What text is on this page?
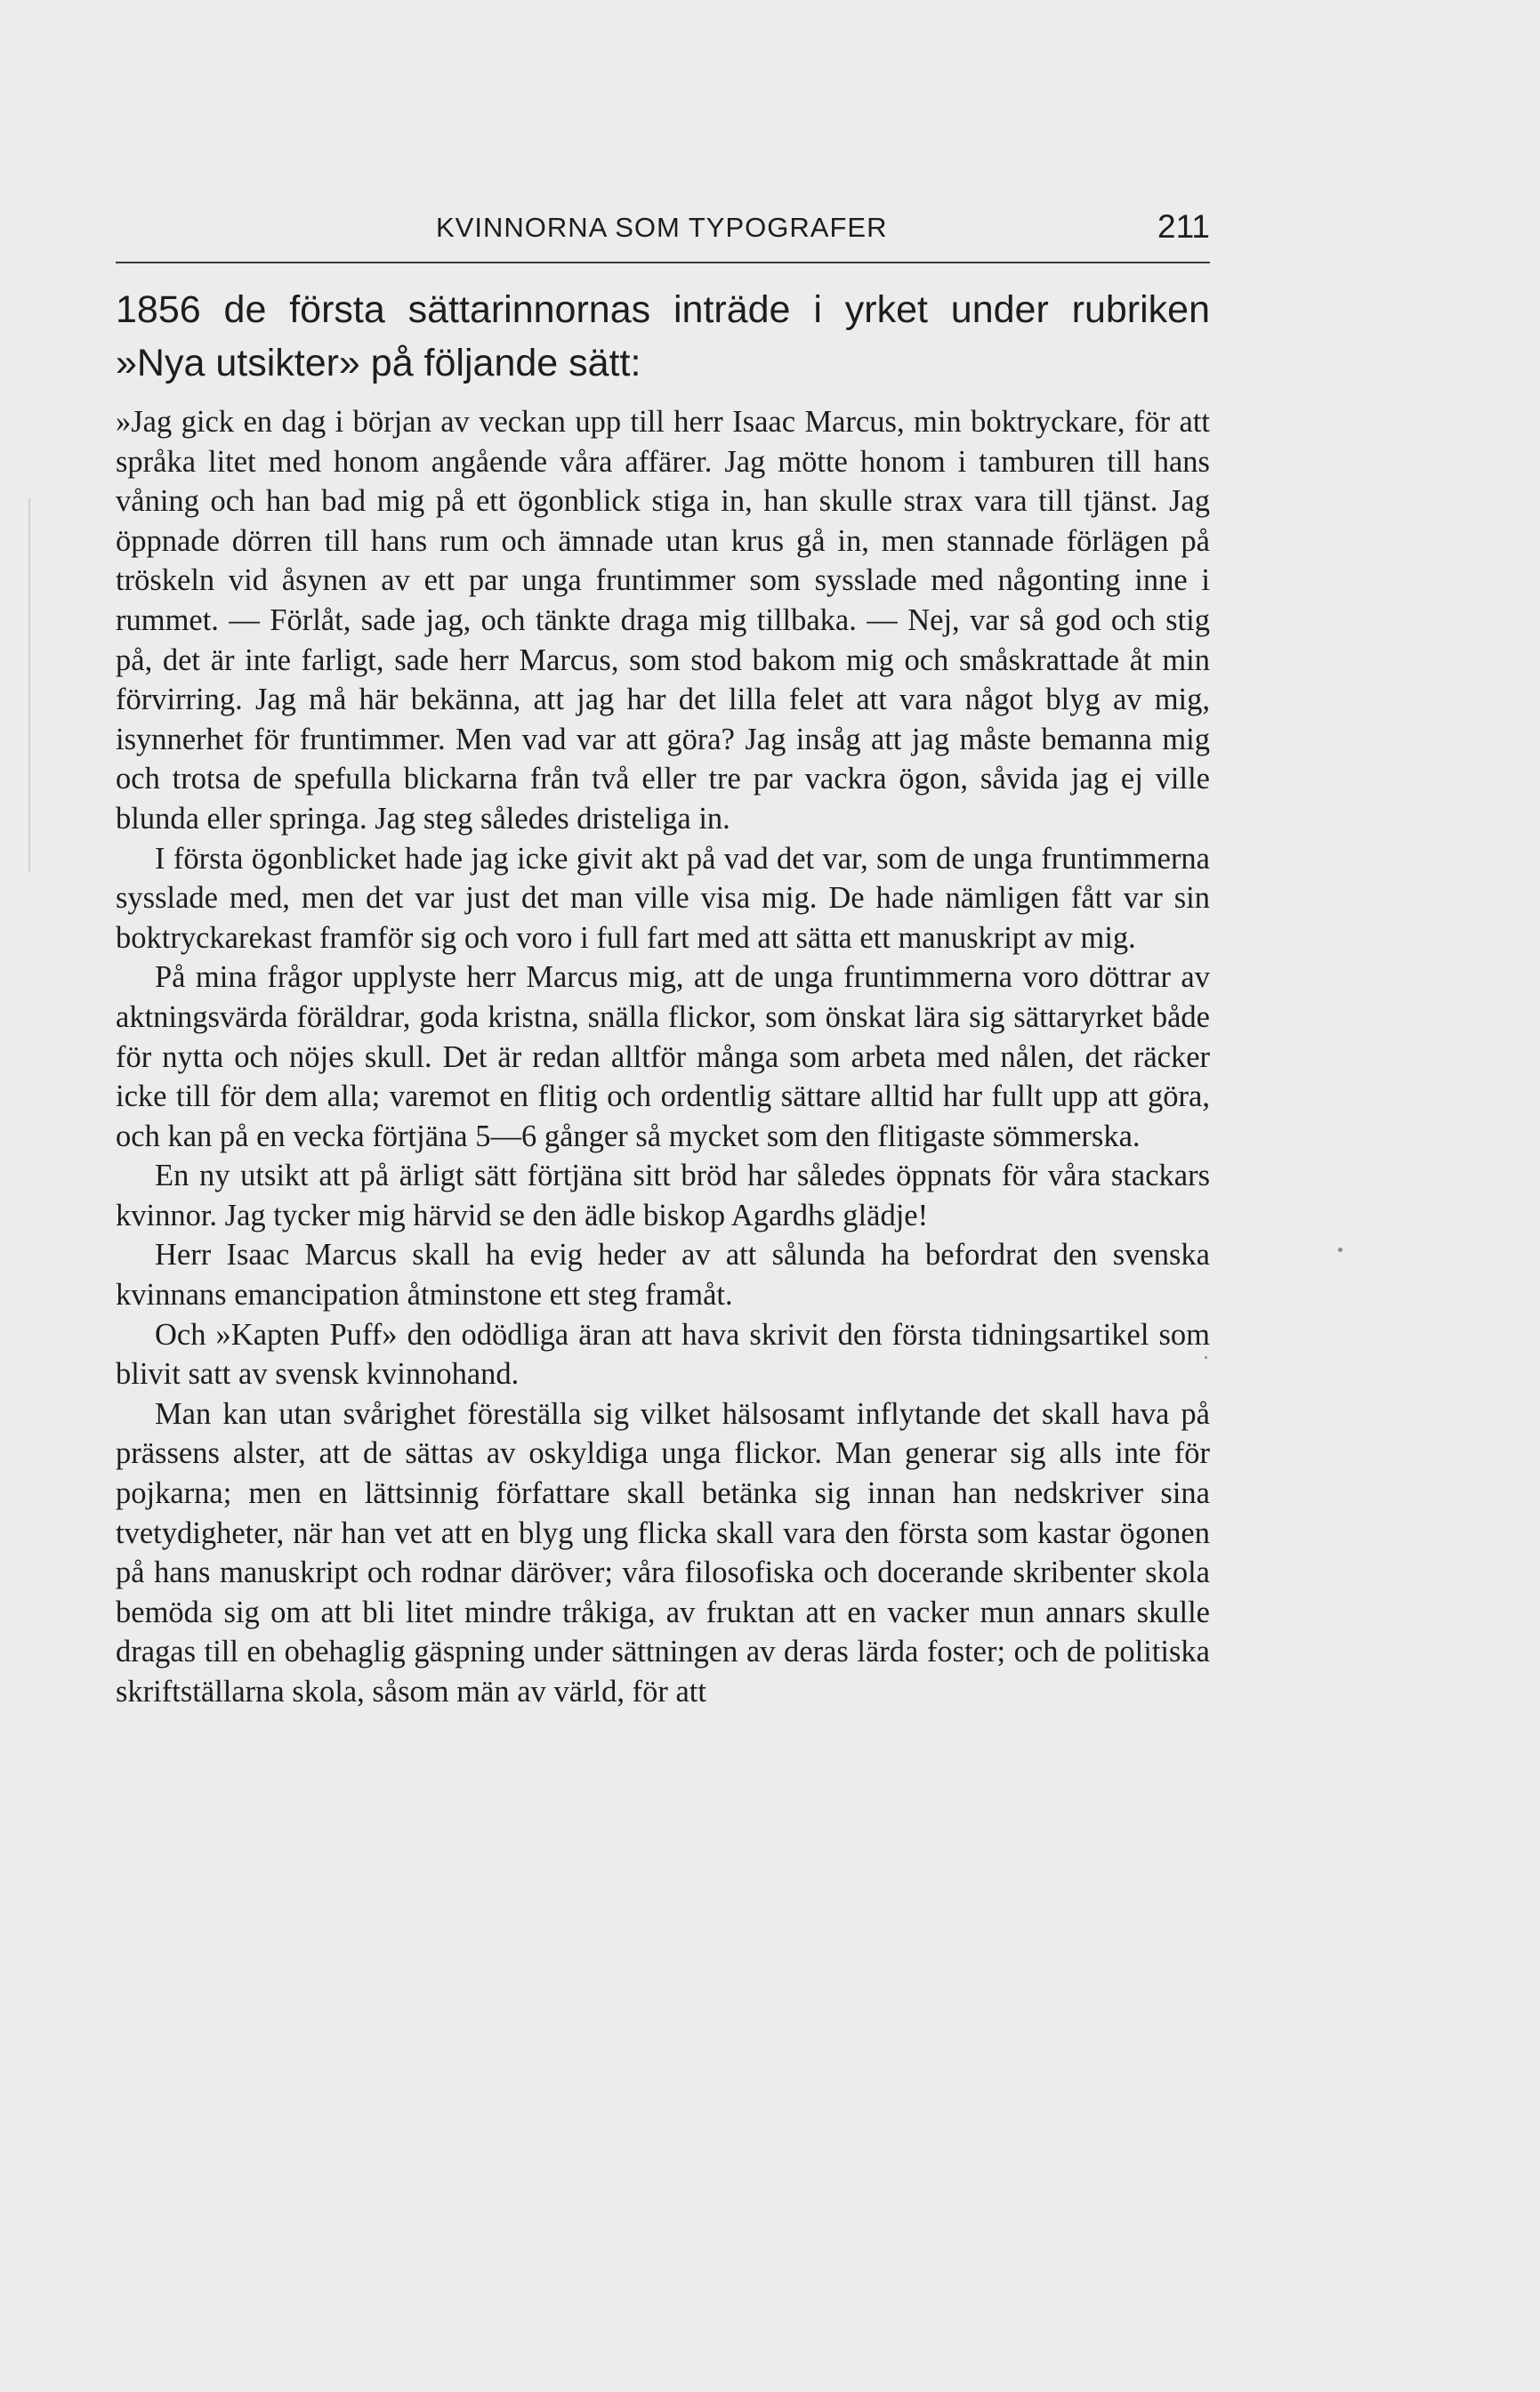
KVINNORNA SOM TYPOGRAFER	211

1856 de första sättarinnornas inträde i yrket under rubriken »Nya utsikter» på följande sätt:

»Jag gick en dag i början av veckan upp till herr Isaac Marcus, min boktryckare, för att språka litet med honom angående våra affärer. Jag mötte honom i tamburen till hans våning och han bad mig på ett ögonblick stiga in, han skulle strax vara till tjänst. Jag öppnade dörren till hans rum och ämnade utan krus gå in, men stannade förlägen på tröskeln vid åsynen av ett par unga fruntimmer som sysslade med någonting inne i rummet. — Förlåt, sade jag, och tänkte draga mig tillbaka. — Nej, var så god och stig på, det är inte farligt, sade herr Marcus, som stod bakom mig och småskrattade åt min förvirring. Jag må här bekänna, att jag har det lilla felet att vara något blyg av mig, isynnerhet för fruntimmer. Men vad var att göra? Jag insåg att jag måste bemanna mig och trotsa de spefulla blickarna från två eller tre par vackra ögon, såvida jag ej ville blunda eller springa. Jag steg således dristeliga in.

I första ögonblicket hade jag icke givit akt på vad det var, som de unga fruntimmerna sysslade med, men det var just det man ville visa mig. De hade nämligen fått var sin boktryckarekast framför sig och voro i full fart med att sätta ett manuskript av mig.

På mina frågor upplyste herr Marcus mig, att de unga fruntimmerna voro döttrar av aktningsvärda föräldrar, goda kristna, snälla flickor, som önskat lära sig sättaryrket både för nytta och nöjes skull. Det är redan alltför många som arbeta med nålen, det räcker icke till för dem alla; varemot en flitig och ordentlig sättare alltid har fullt upp att göra, och kan på en vecka förtjäna 5—6 gånger så mycket som den flitigaste sömmerska.

En ny utsikt att på ärligt sätt förtjäna sitt bröd har således öppnats för våra stackars kvinnor. Jag tycker mig härvid se den ädle biskop Agardhs glädje!

Herr Isaac Marcus skall ha evig heder av att sålunda ha befordrat den svenska kvinnans emancipation åtminstone ett steg framåt.

Och »Kapten Puff» den odödliga äran att hava skrivit den första tidningsartikel som blivit satt av svensk kvinnohand.

Man kan utan svårighet föreställa sig vilket hälsosamt inflytande det skall hava på prässens alster, att de sättas av oskyldiga unga flickor. Man generar sig alls inte för pojkarna; men en lättsinnig författare skall betänka sig innan han nedskriver sina tvetydigheter, när han vet att en blyg ung flicka skall vara den första som kastar ögonen på hans manuskript och rodnar däröver; våra filosofiska och docerande skribenter skola bemöda sig om att bli litet mindre tråkiga, av fruktan att en vacker mun annars skulle dragas till en obehaglig gäspning under sättningen av deras lärda foster; och de politiska skriftställarna skola, såsom män av värld, för att
